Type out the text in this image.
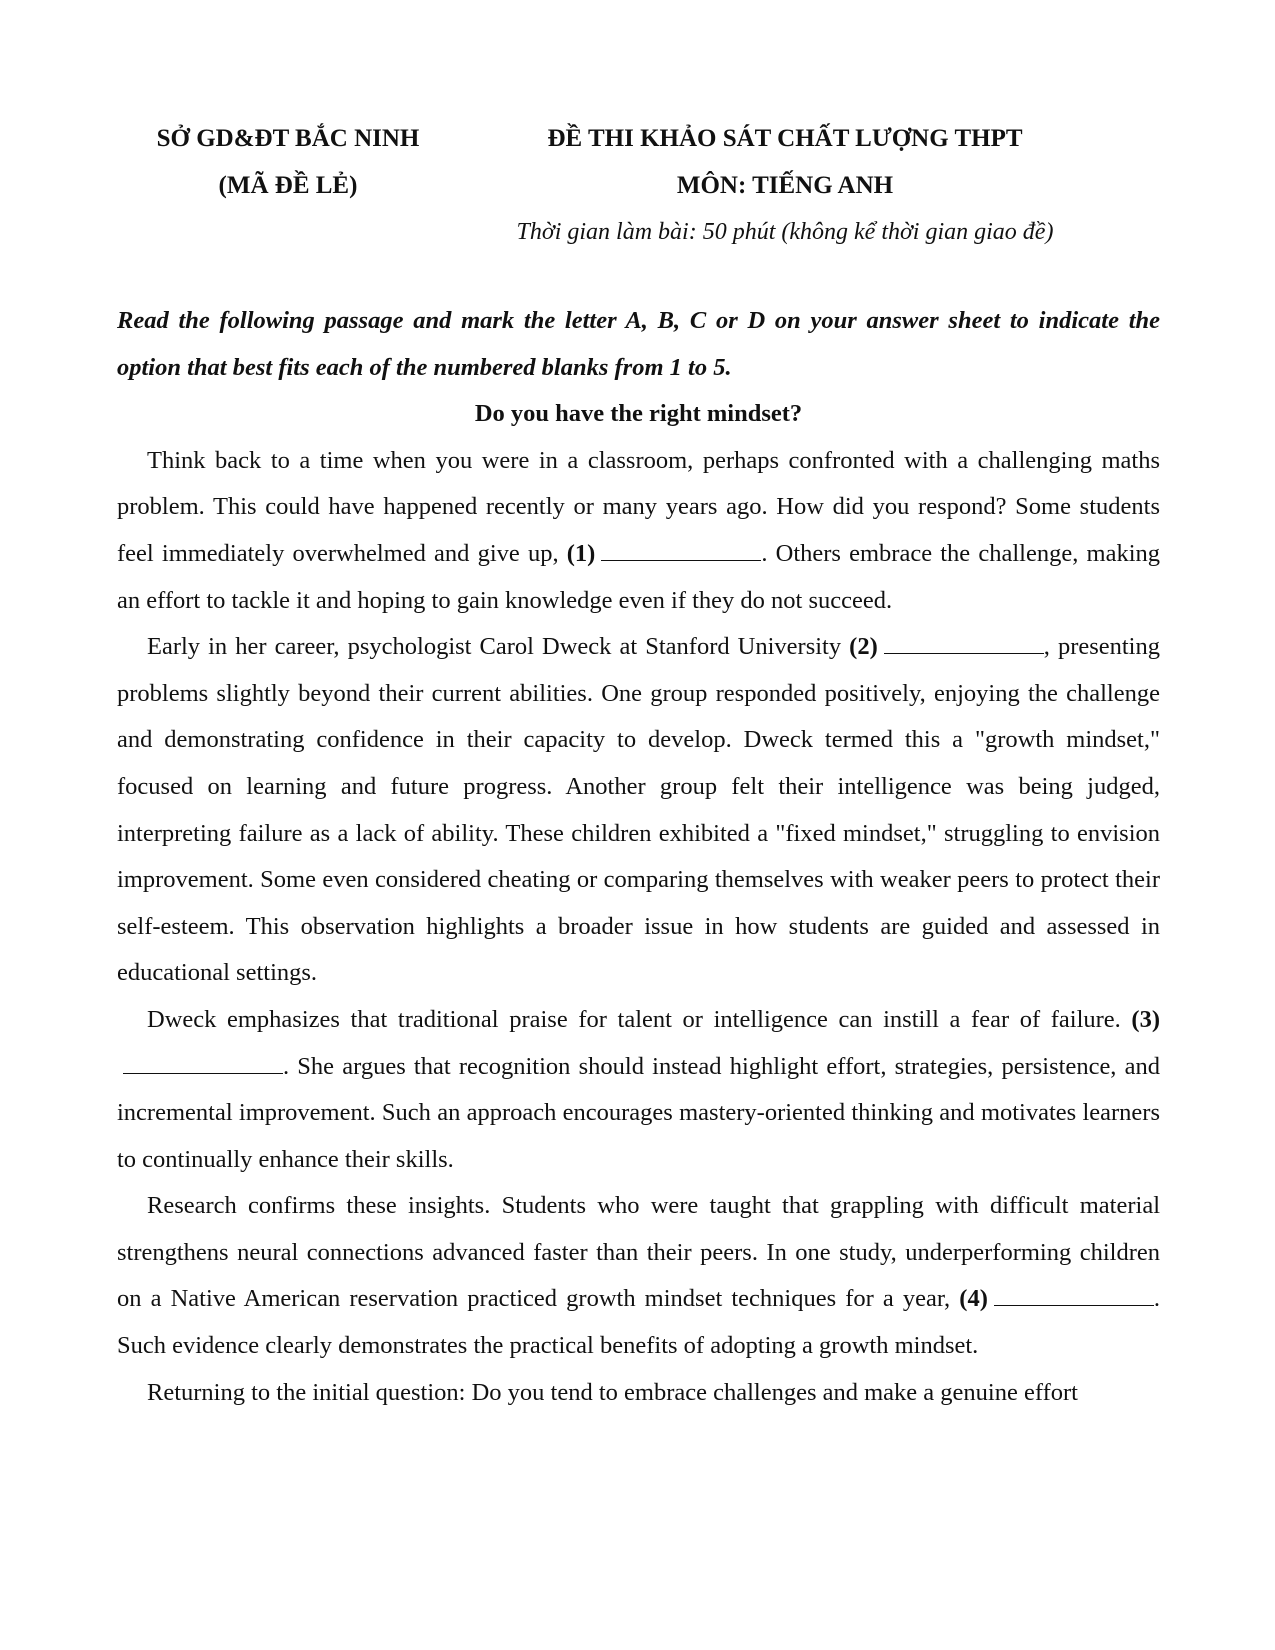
SỞ GD&ĐT BẮC NINH
(MÃ ĐỀ LẺ)
ĐỀ THI KHẢO SÁT CHẤT LƯỢNG THPT
MÔN: TIẾNG ANH
Thời gian làm bài: 50 phút (không kể thời gian giao đề)

Read the following passage and mark the letter A, B, C or D on your answer sheet to indicate the option that best fits each of the numbered blanks from 1 to 5.

Do you have the right mindset?

Think back to a time when you were in a classroom, perhaps confronted with a challenging maths problem. This could have happened recently or many years ago. How did you respond? Some students feel immediately overwhelmed and give up, (1)	. Others embrace the challenge, making an effort to tackle it and hoping to gain knowledge even if they do not succeed.

Early in her career, psychologist Carol Dweck at Stanford University (2)	, presenting problems slightly beyond their current abilities. One group responded positively, enjoying the challenge and demonstrating confidence in their capacity to develop. Dweck termed this a "growth mindset," focused on learning and future progress. Another group felt their intelligence was being judged, interpreting failure as a lack of ability. These children exhibited a "fixed mindset," struggling to envision improvement. Some even considered cheating or comparing themselves with weaker peers to protect their self-esteem. This observation highlights a broader issue in how students are guided and assessed in educational settings.

Dweck emphasizes that traditional praise for talent or intelligence can instill a fear of failure. (3). She argues that recognition should instead highlight effort, strategies, persistence, and incremental improvement. Such an approach encourages mastery-oriented thinking and motivates learners to continually enhance their skills.

Research confirms these insights. Students who were taught that grappling with difficult material strengthens neural connections advanced faster than their peers. In one study, underperforming children on a Native American reservation practiced growth mindset techniques for a year, (4)	. Such evidence clearly demonstrates the practical benefits of adopting a growth mindset.

Returning to the initial question: Do you tend to embrace challenges and make a genuine effort
